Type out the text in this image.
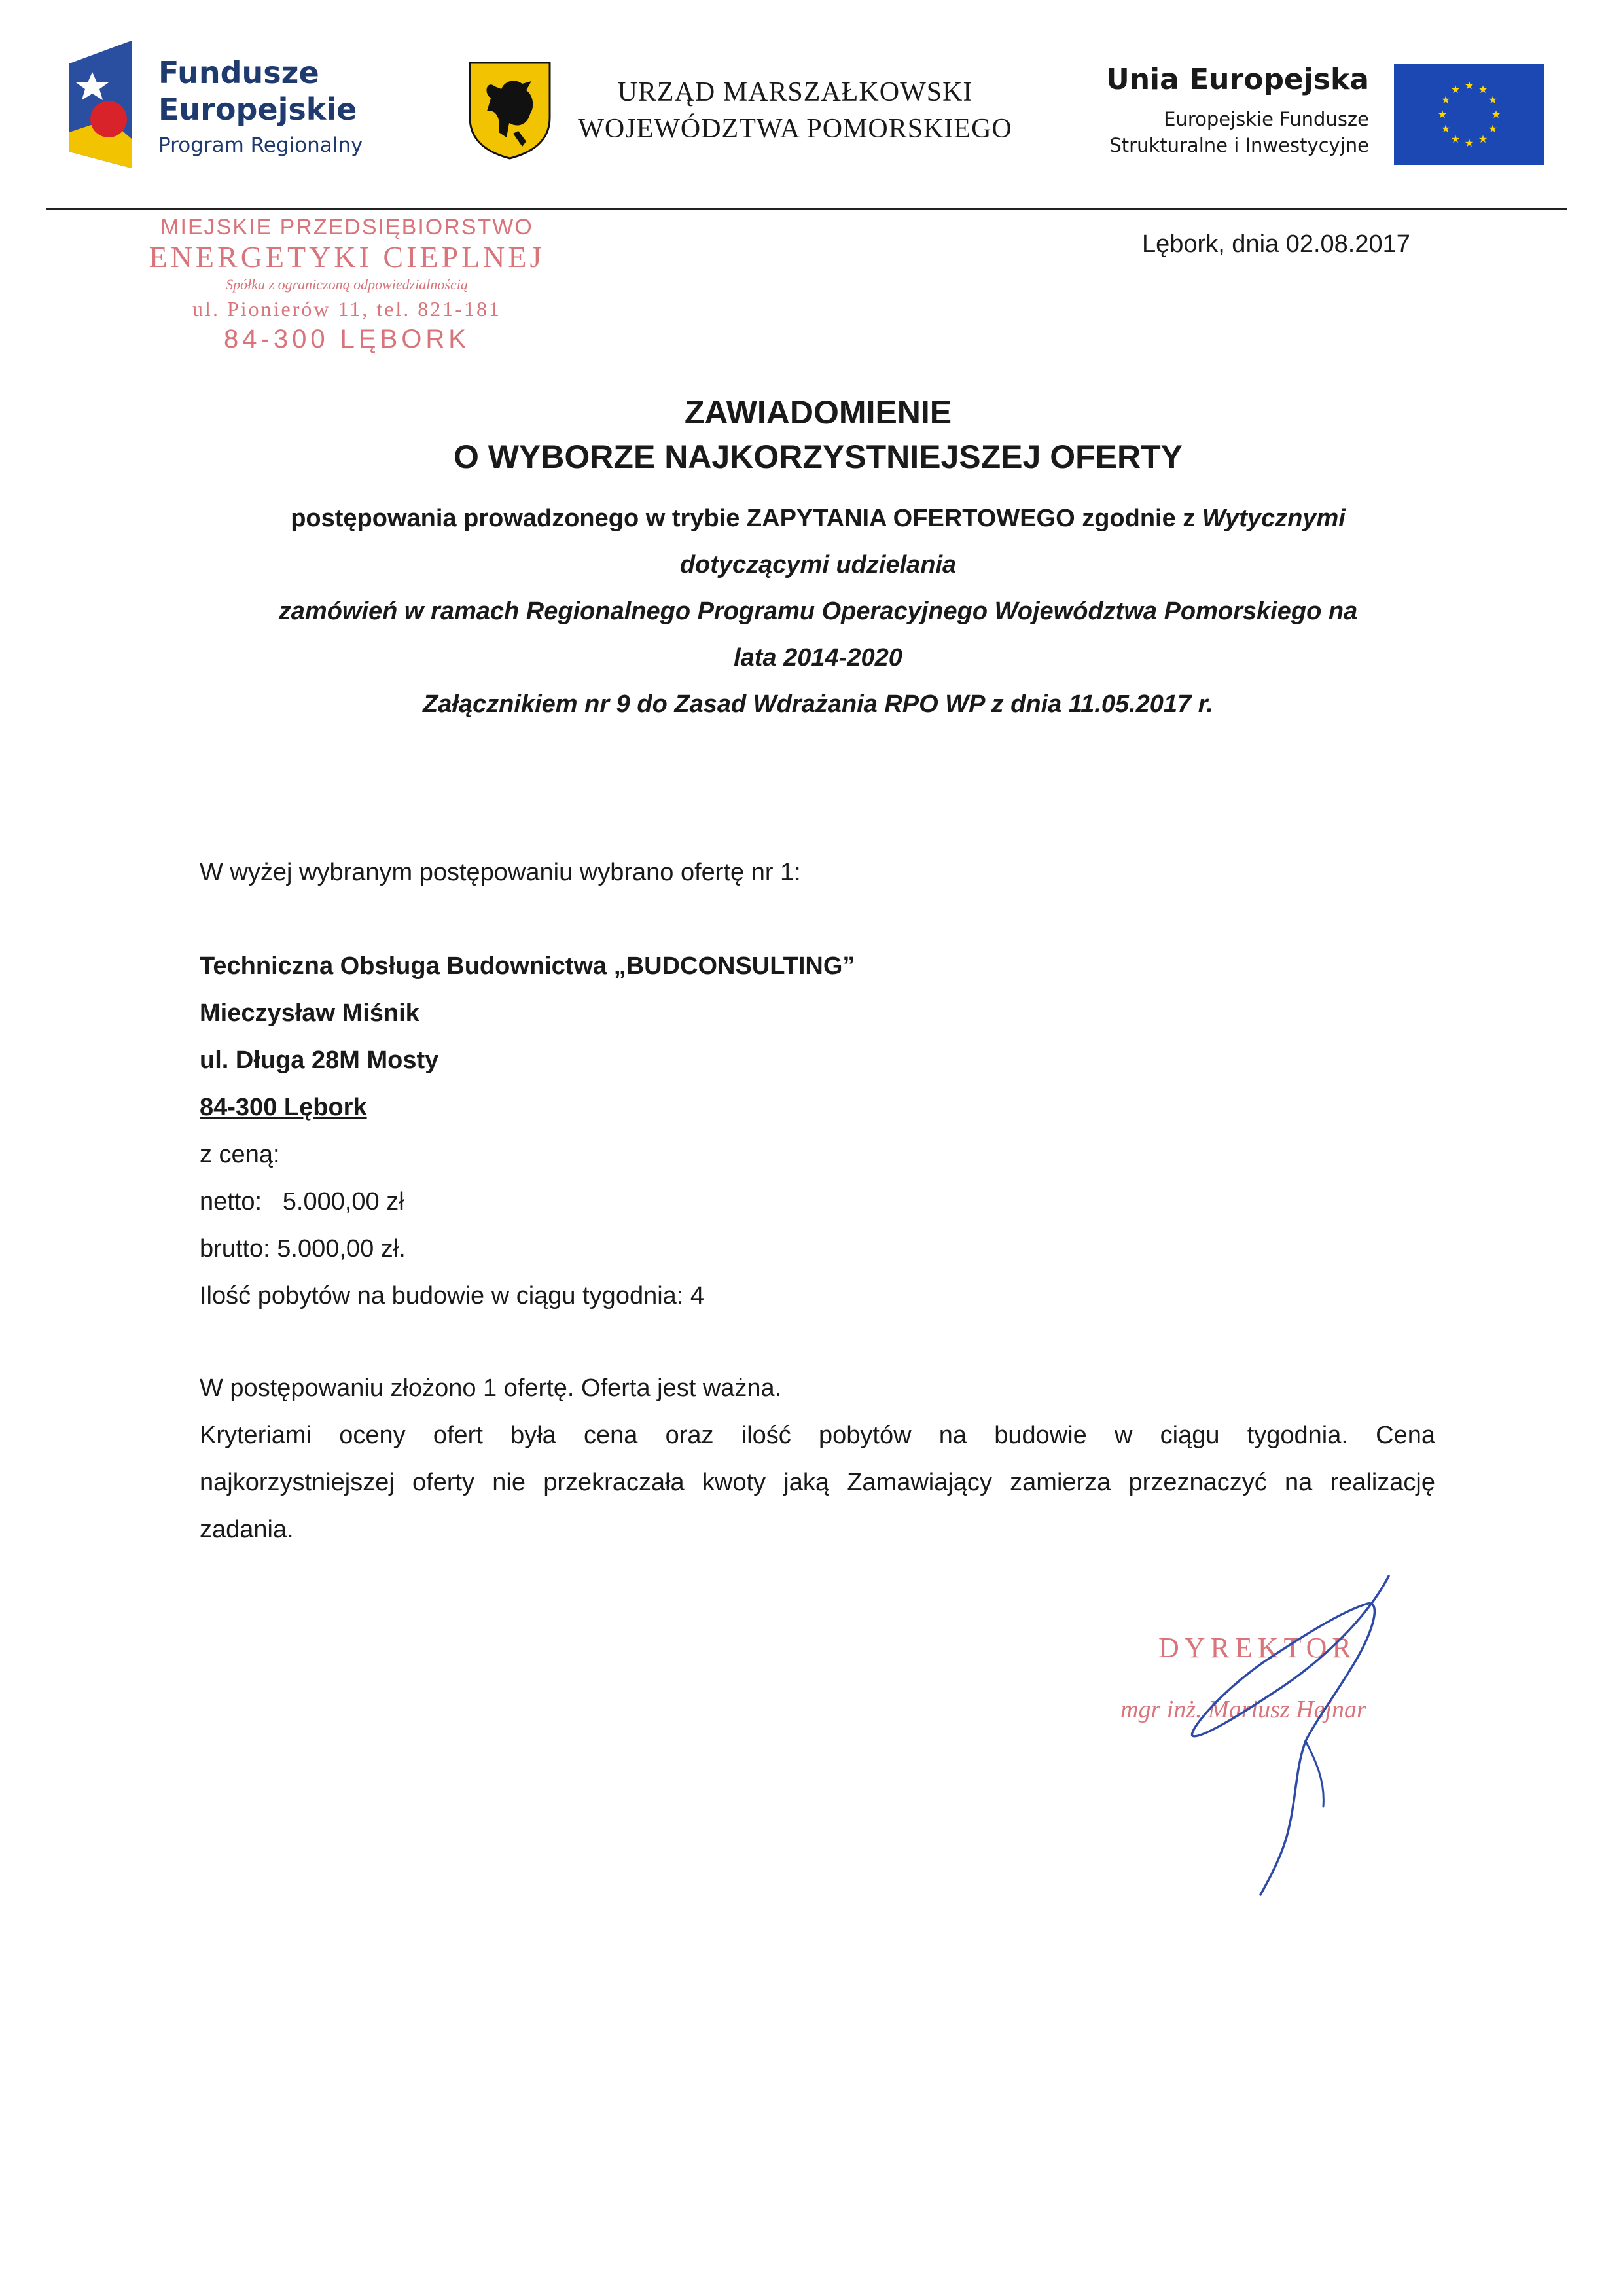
Fundusze
Europejskie
Program Regionalny
URZĄD MARSZAŁKOWSKI
WOJEWÓDZTWA POMORSKIEGO
Unia Europejska
Europejskie Fundusze
Strukturalne i Inwestycyjne
★ ★
★
★
★
★
★
★
★
★
★
★
MIEJSKIE PRZEDSIĘBIORSTWO
ENERGETYKI CIEPLNEJ
Spółka z ograniczoną odpowiedzialnością
ul. Pionierów 11, tel. 821-181
84-300 LĘBORK
Lębork, dnia 02.08.2017
ZAWIADOMIENIE
O WYBORZE NAJKORZYSTNIEJSZEJ OFERTY
postępowania prowadzonego w trybie ZAPYTANIA OFERTOWEGO zgodnie z Wytycznymi
dotyczącymi udzielania
zamówień w ramach Regionalnego Programu Operacyjnego Województwa Pomorskiego na
lata 2014-2020
Załącznikiem nr 9 do Zasad Wdrażania RPO WP z dnia 11.05.2017 r.
W wyżej wybranym postępowaniu wybrano ofertę nr 1:
Techniczna Obsługa Budownictwa „BUDCONSULTING”
Mieczysław Miśnik
ul. Długa 28M Mosty
84-300 Lębork
z ceną:
netto:   5.000,00 zł
brutto: 5.000,00 zł.
Ilość pobytów na budowie w ciągu tygodnia: 4
W postępowaniu złożono 1 ofertę. Oferta jest ważna.
Kryteriami oceny ofert była cena oraz ilość pobytów na budowie w ciągu tygodnia. Cena
najkorzystniejszej oferty nie przekraczała kwoty jaką Zamawiający zamierza przeznaczyć na realizację
zadania.
DYREKTOR
mgr inż. Mariusz Hejnar
